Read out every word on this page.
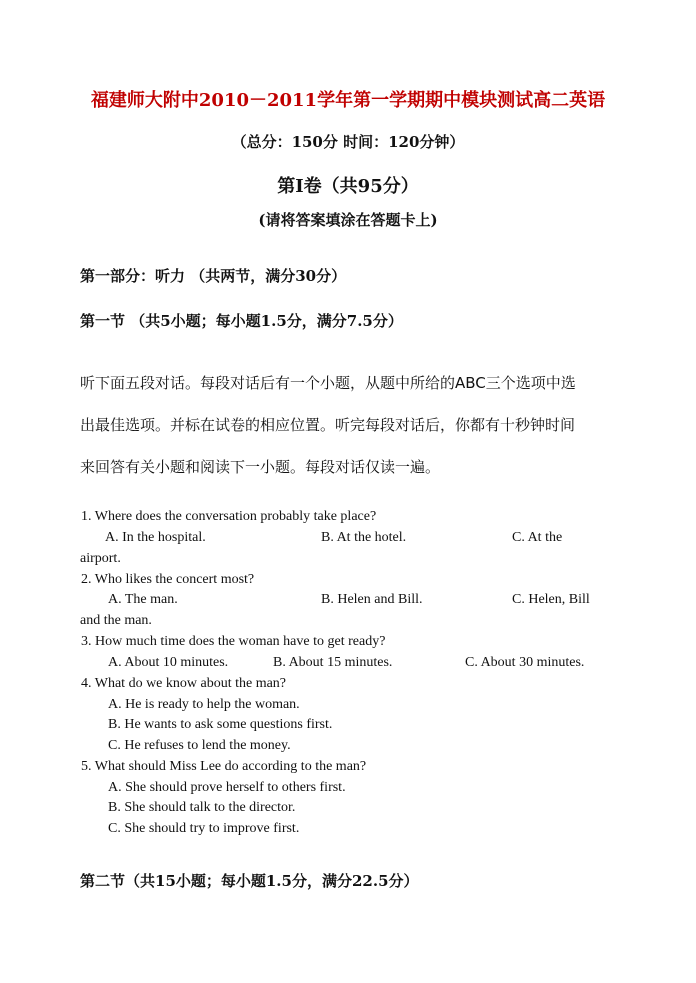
福建师大附中2010－2011学年第一学期期中模块测试高二英语
（总分：150分 时间：120分钟）
第I卷（共95分）
(请将答案填涂在答题卡上)
第一部分：听力 （共两节，满分30分）
第一节 （共5小题；每小题1.5分，满分7.5分）
听下面五段对话。每段对话后有一个小题，从题中所给的ABC三个选项中选
出最佳选项。并标在试卷的相应位置。听完每段对话后，你都有十秒钟时间
来回答有关小题和阅读下一小题。每段对话仅读一遍。
1. Where does the conversation probably take place?
A. In the hospital.	B. At the hotel.	C. At the
airport.
2. Who likes the concert most?
A. The man.	B. Helen and Bill.	C. Helen, Bill
and the man.
3. How much time does the woman have to get ready?
A. About 10 minutes.	B. About 15 minutes.	C. About 30 minutes.
4. What do we know about the man?
A. He is ready to help the woman.
B. He wants to ask some questions first.
C. He refuses to lend the money.
5. What should Miss Lee do according to the man?
A. She should prove herself to others first.
B. She should talk to the director.
C. She should try to improve first.
第二节（共15小题；每小题1.5分，满分22.5分）
